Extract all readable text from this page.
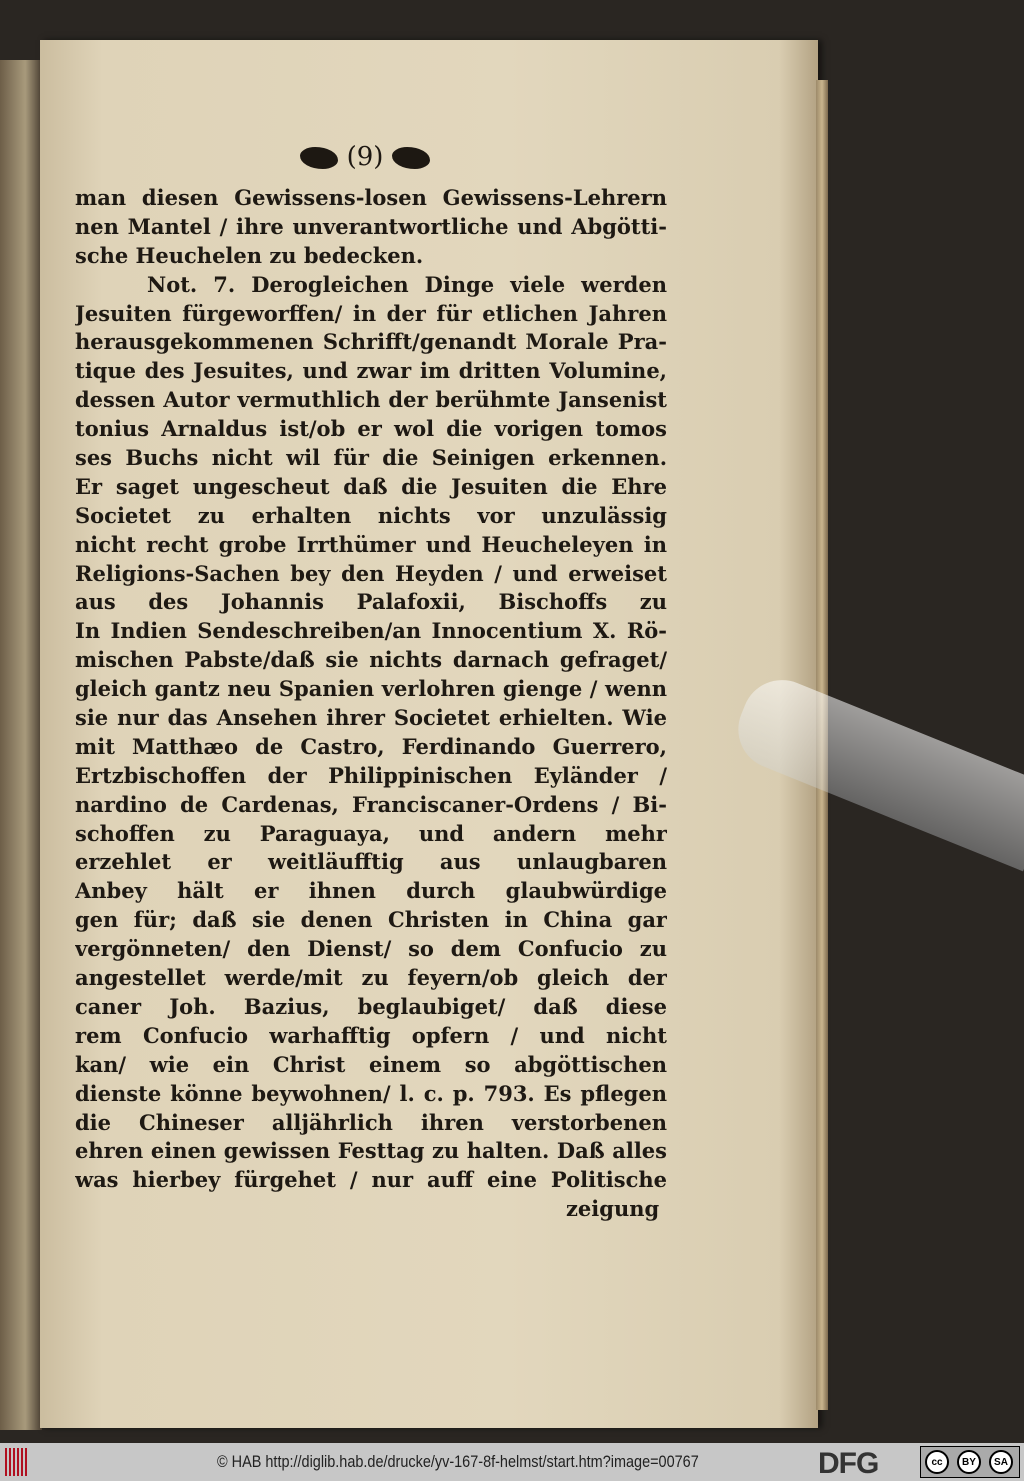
(9)
man diesen Gewissens-losen Gewissens-Lehrern
nen Mantel / ihre unverantwortliche und Abgötti-
sche Heuchelen zu bedecken.
Not. 7. Derogleichen Dinge viele werden
Jesuiten fürgeworffen/ in der für etlichen Jahren
herausgekommenen Schrifft/genandt Morale Pra-
tique des Jesuites, und zwar im dritten Volumine,
dessen Autor vermuthlich der berühmte Jansenist
tonius Arnaldus ist/ob er wol die vorigen tomos
ses Buchs nicht wil für die Seinigen erkennen.
Er saget ungescheut daß die Jesuiten die Ehre
Societet zu erhalten nichts vor unzulässig
nicht recht grobe Irrthümer und Heucheleyen in
Religions-Sachen bey den Heyden / und erweiset
aus des Johannis Palafoxii, Bischoffs zu
In Indien Sendeschreiben/an Innocentium X. Rö-
mischen Pabste/daß sie nichts darnach gefraget/
gleich gantz neu Spanien verlohren gienge / wenn
sie nur das Ansehen ihrer Societet erhielten. Wie
mit Matthæo de Castro, Ferdinando Guerrero,
Ertzbischoffen der Philippinischen Eyländer /
nardino de Cardenas, Franciscaner-Ordens / Bi-
schoffen zu Paraguaya, und andern mehr
erzehlet er weitläufftig aus unlaugbaren
Anbey hält er ihnen durch glaubwürdige
gen für; daß sie denen Christen in China gar
vergönneten/ den Dienst/ so dem Confucio zu
angestellet werde/mit zu feyern/ob gleich der
caner Joh. Bazius, beglaubiget/ daß diese
rem Confucio warhafftig opfern / und nicht
kan/ wie ein Christ einem so abgöttischen
dienste könne beywohnen/ l. c. p. 793. Es pflegen
die Chineser alljährlich ihren verstorbenen
ehren einen gewissen Festtag zu halten. Daß alles
was hierbey fürgehet / nur auff eine Politische
zeigung
© HAB http://diglib.hab.de/drucke/yv-167-8f-helmst/start.htm?image=00767	DFG	cc	BY	SA
